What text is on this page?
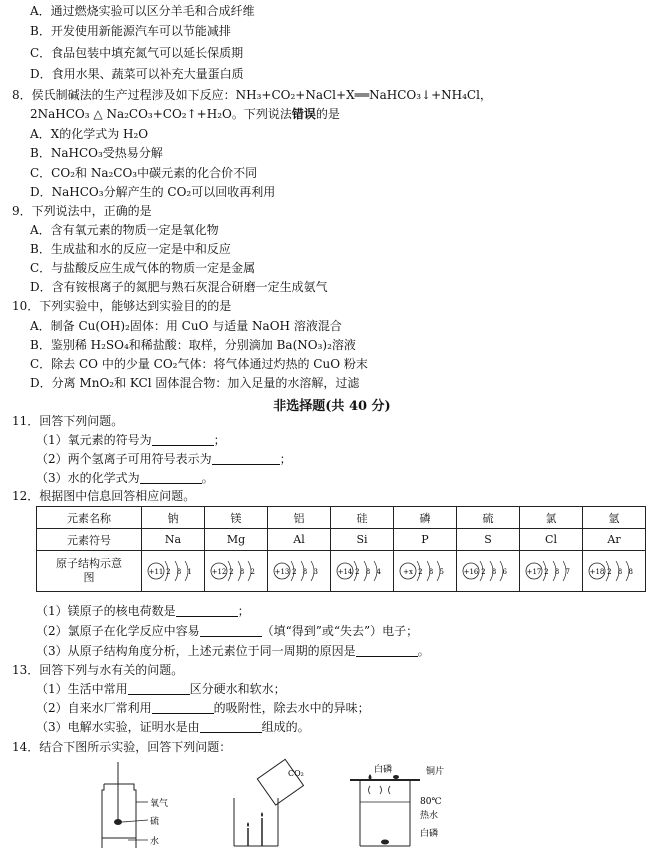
A．通过燃烧实验可以区分羊毛和合成纤维
B．开发使用新能源汽车可以节能减排
C．食品包装中填充氮气可以延长保质期
D．食用水果、蔬菜可以补充大量蛋白质
8．侯氏制碱法的生产过程涉及如下反应：NH₃+CO₂+NaCl+X══NaHCO₃↓+NH₄Cl，
2NaHCO₃ △ Na₂CO₃+CO₂↑+H₂O。下列说法错误的是
A．X的化学式为 H₂O
B．NaHCO₃受热易分解
C．CO₂和 Na₂CO₃中碳元素的化合价不同
D．NaHCO₃分解产生的 CO₂可以回收再利用
9．下列说法中，正确的是
A．含有氧元素的物质一定是氧化物
B．生成盐和水的反应一定是中和反应
C．与盐酸反应生成气体的物质一定是金属
D．含有铵根离子的氮肥与熟石灰混合研磨一定生成氨气
10．下列实验中，能够达到实验目的的是
A．制备 Cu(OH)₂固体：用 CuO 与适量 NaOH 溶液混合
B．鉴别稀 H₂SO₄和稀盐酸：取样，分别滴加 Ba(NO₃)₂溶液
C．除去 CO 中的少量 CO₂气体：将气体通过灼热的 CuO 粉末
D．分离 MnO₂和 KCl 固体混合物：加入足量的水溶解，过滤
非选择题(共 40 分)
11．回答下列问题。
（1）氧元素的符号为	；
（2）两个氢离子可用符号表示为	；
（3）水的化学式为	。
12．根据图中信息回答相应问题。
元素名称	钠	镁	铝	硅	磷	硫	氯	氩
元素符号	Na	Mg	Al	Si	P	S	Cl	Ar
原子结构示意图	+11 2 8 1	+12 2 8 2	+13 2 8 3	+14 2 8 4	+x 2 8 5	+16 2 8 6	+17 2 8 7	+18 2 8 8
（1）镁原子的核电荷数是	；
（2）氯原子在化学反应中容易	（填“得到”或“失去”）电子；
（3）从原子结构角度分析，上述元素位于同一周期的原因是	。
13．回答下列与水有关的问题。
（1）生活中常用	区分硬水和软水；
（2）自来水厂常利用	的吸附性，除去水中的异味；
（3）电解水实验，证明水是由	组成的。
14．结合下图所示实验，回答下列问题：
氧气
硫
水
CO₂	白磷	铜片
80℃
热水
白磷
